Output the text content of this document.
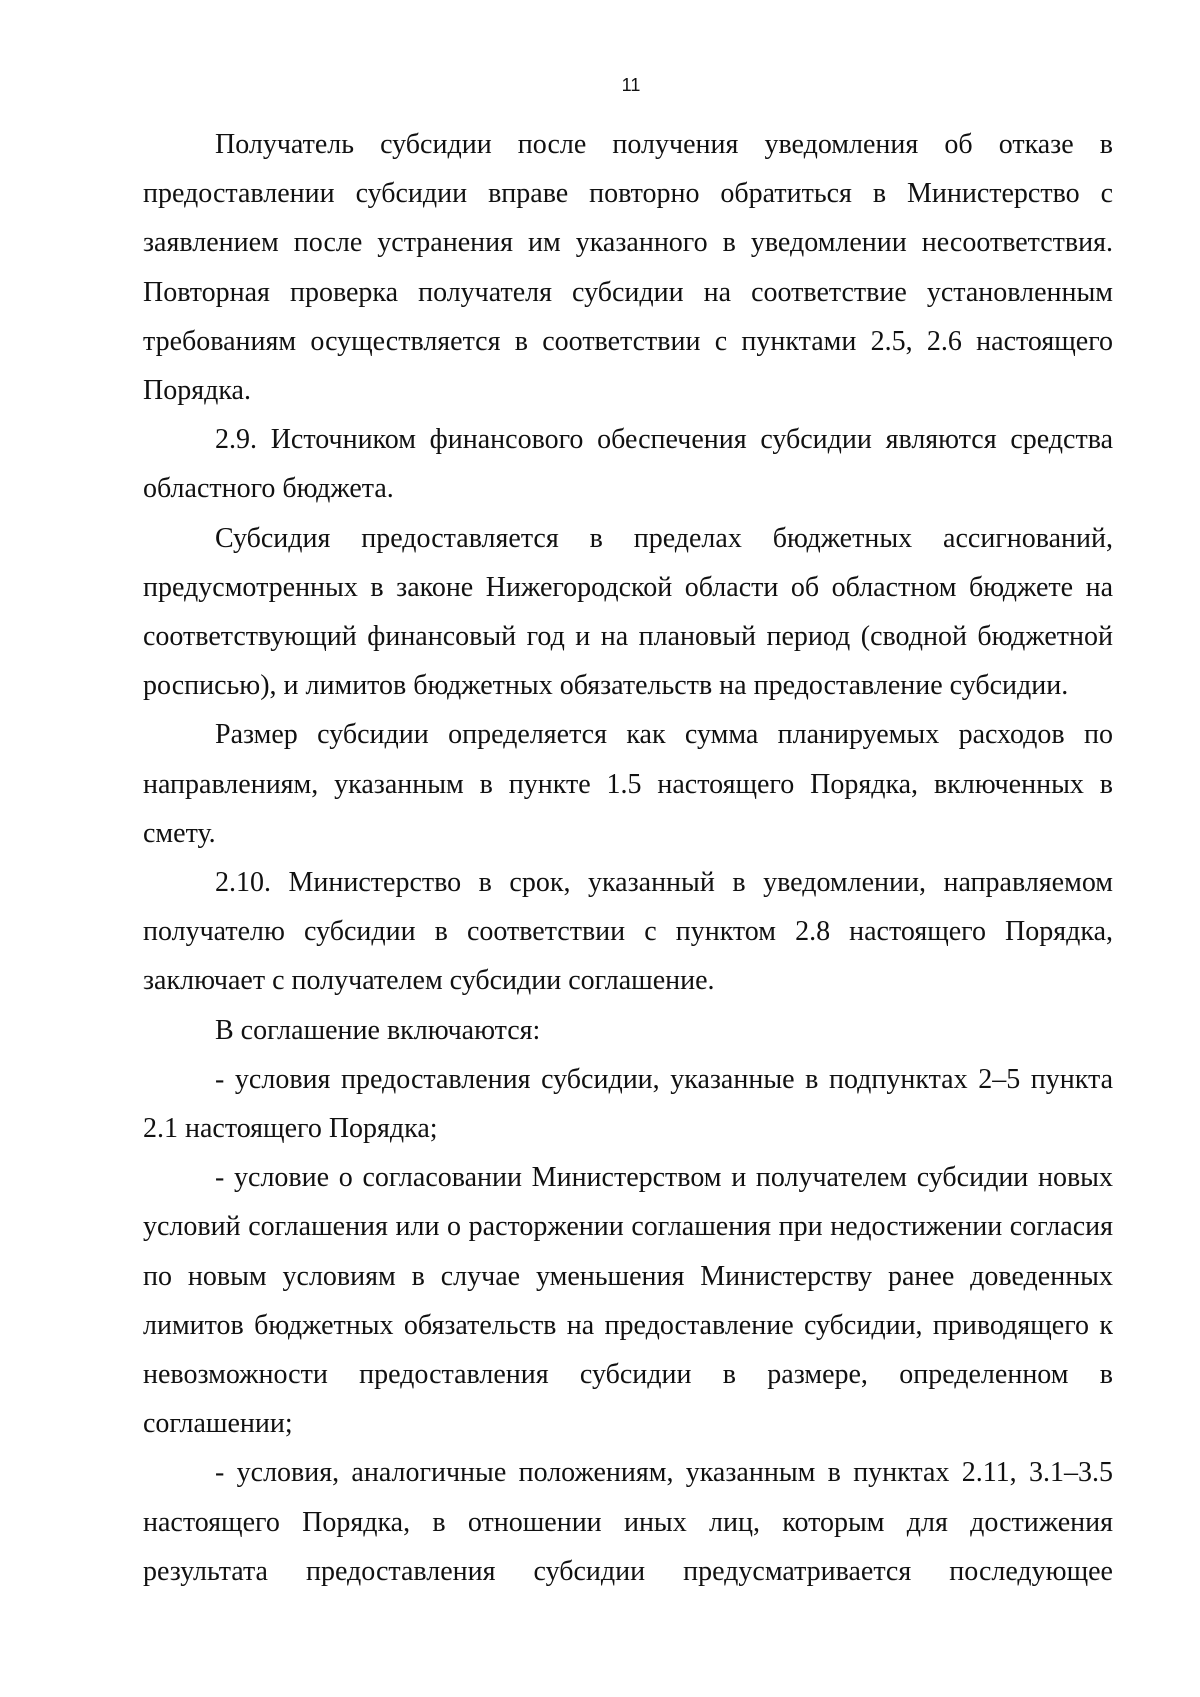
11

Получатель субсидии после получения уведомления об отказе в предоставлении субсидии вправе повторно обратиться в Министерство с заявлением после устранения им указанного в уведомлении несоответствия. Повторная проверка получателя субсидии на соответствие установленным требованиям осуществляется в соответствии с пунктами 2.5, 2.6 настоящего Порядка.

2.9. Источником финансового обеспечения субсидии являются средства областного бюджета.

Субсидия предоставляется в пределах бюджетных ассигнований, предусмотренных в законе Нижегородской области об областном бюджете на соответствующий финансовый год и на плановый период (сводной бюджетной росписью), и лимитов бюджетных обязательств на предоставление субсидии.

Размер субсидии определяется как сумма планируемых расходов по направлениям, указанным в пункте 1.5 настоящего Порядка, включенных в смету.

2.10. Министерство в срок, указанный в уведомлении, направляемом получателю субсидии в соответствии с пунктом 2.8 настоящего Порядка, заключает с получателем субсидии соглашение.

В соглашение включаются:

- условия предоставления субсидии, указанные в подпунктах 2–5 пункта 2.1 настоящего Порядка;

- условие о согласовании Министерством и получателем субсидии новых условий соглашения или о расторжении соглашения при недостижении согласия по новым условиям в случае уменьшения Министерству ранее доведенных лимитов бюджетных обязательств на предоставление субсидии, приводящего к невозможности предоставления субсидии в размере, определенном в соглашении;

- условия, аналогичные положениям, указанным в пунктах 2.11, 3.1–3.5 настоящего Порядка, в отношении иных лиц, которым для достижения результата предоставления субсидии предусматривается последующее
